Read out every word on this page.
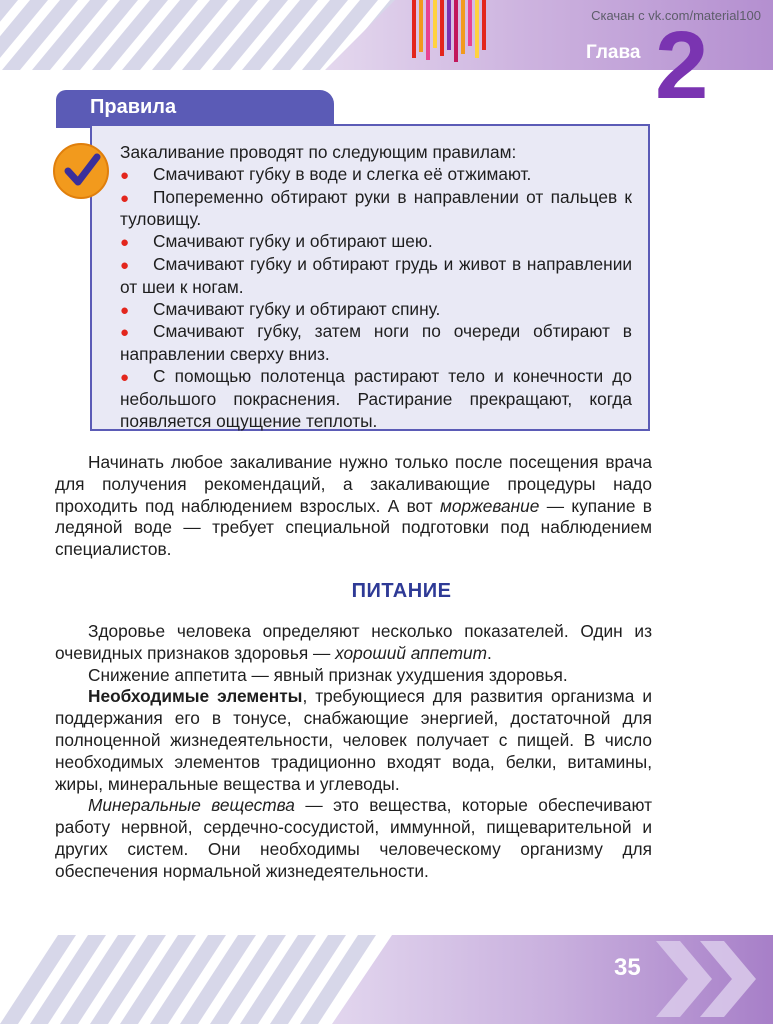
Скачан с vk.com/material100
Глава 2
Правила

Закаливание проводят по следующим правилам:

● Смачивают губку в воде и слегка её отжимают.

● Попеременно обтирают руки в направлении от пальцев к туловищу.

● Смачивают губку и обтирают шею.

● Смачивают губку и обтирают грудь и живот в направлении от шеи к ногам.

● Смачивают губку и обтирают спину.

● Смачивают губку, затем ноги по очереди обтирают в направлении сверху вниз.

● С помощью полотенца растирают тело и конечности до небольшого покраснения. Растирание прекращают, когда появляется ощущение теплоты.

Начинать любое закаливание нужно только после посещения врача для получения рекомендаций, а закаливающие процедуры надо проходить под наблюдением взрослых. А вот моржевание — купание в ледяной воде — требует специальной подготовки под наблюдением специалистов.

ПИТАНИЕ

Здоровье человека определяют несколько показателей. Один из очевидных признаков здоровья — хороший аппетит.

Снижение аппетита — явный признак ухудшения здоровья.

Необходимые элементы, требующиеся для развития организма и поддержания его в тонусе, снабжающие энергией, достаточной для полноценной жизнедеятельности, человек получает с пищей. В число необходимых элементов традиционно входят вода, белки, витамины, жиры, минеральные вещества и углеводы.

Минеральные вещества — это вещества, которые обеспечивают работу нервной, сердечно-сосудистой, иммунной, пищеварительной и других систем. Они необходимы человеческому организму для обеспечения нормальной жизнедеятельности.

35
